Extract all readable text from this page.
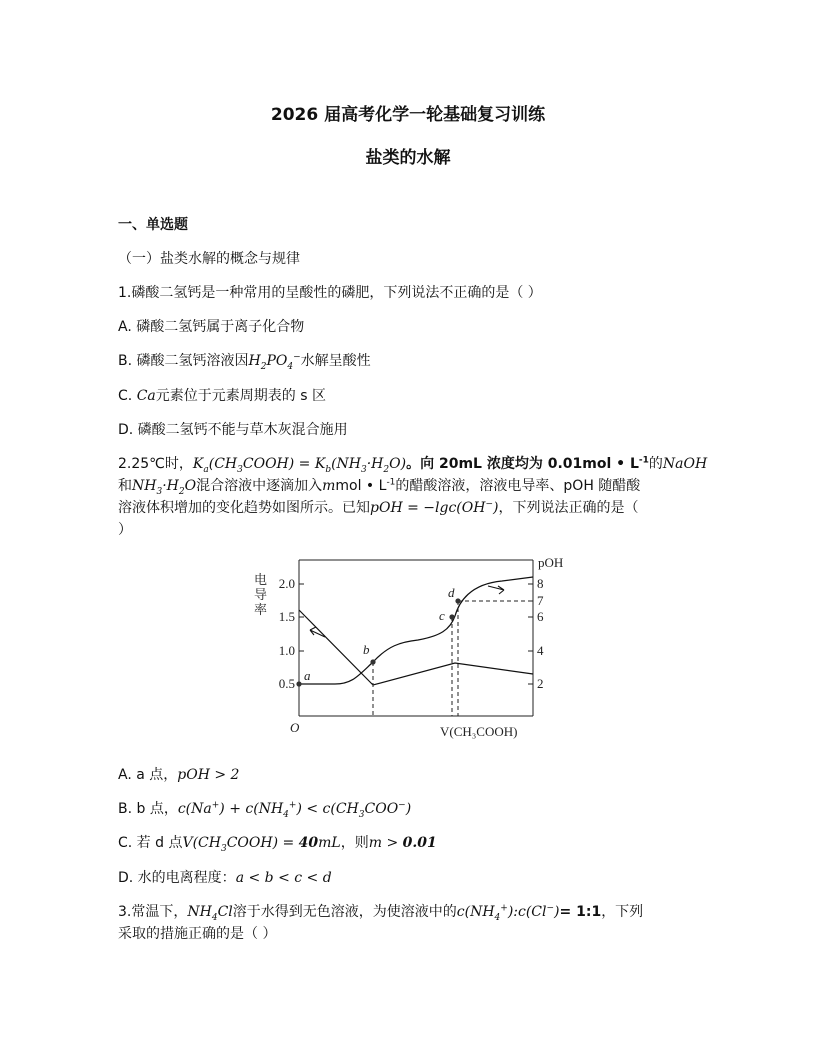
2026 届高考化学一轮基础复习训练
盐类的水解
一、单选题
（一）盐类水解的概念与规律
1.磷酸二氢钙是一种常用的呈酸性的磷肥，下列说法不正确的是（ ）
A. 磷酸二氢钙属于离子化合物
B. 磷酸二氢钙溶液因$H_2PO_4^-$水解呈酸性
C. Ca元素位于元素周期表的 s 区
D. 磷酸二氢钙不能与草木灰混合施用
2.25℃时，$K_a(CH_3COOH) = K_b(NH_3\cdot H_2O)$。向 20mL 浓度均为 0.01mol • $L^{-1}$的NaOH
和$NH_3\cdot H_2O$混合溶液中逐滴加入mmol • $L^{-1}$的醋酸溶液，溶液电导率、pOH 随醋酸
溶液体积增加的变化趋势如图所示。已知pOH = −lgc(OH−)，下列说法正确的是（
）
电 导 率
2.0
1.5
1.0
0.5
8
7
6
4
2
pOH
a
b
c
d
O	V(CH₃COOH)
A. a 点，pOH > 2
B. b 点，$c(Na^+) + c(NH_4^+) < c(CH_3COO^-)$
C. 若 d 点$V(CH_3COOH) = 40mL$，则m > 0.01
D. 水的电离程度：a < b < c < d
3.常温下，$NH_4Cl$溶于水得到无色溶液，为使溶液中的$c(NH_4^+):c(Cl^-)=$ 1:1，下列
采取的措施正确的是（ ）
